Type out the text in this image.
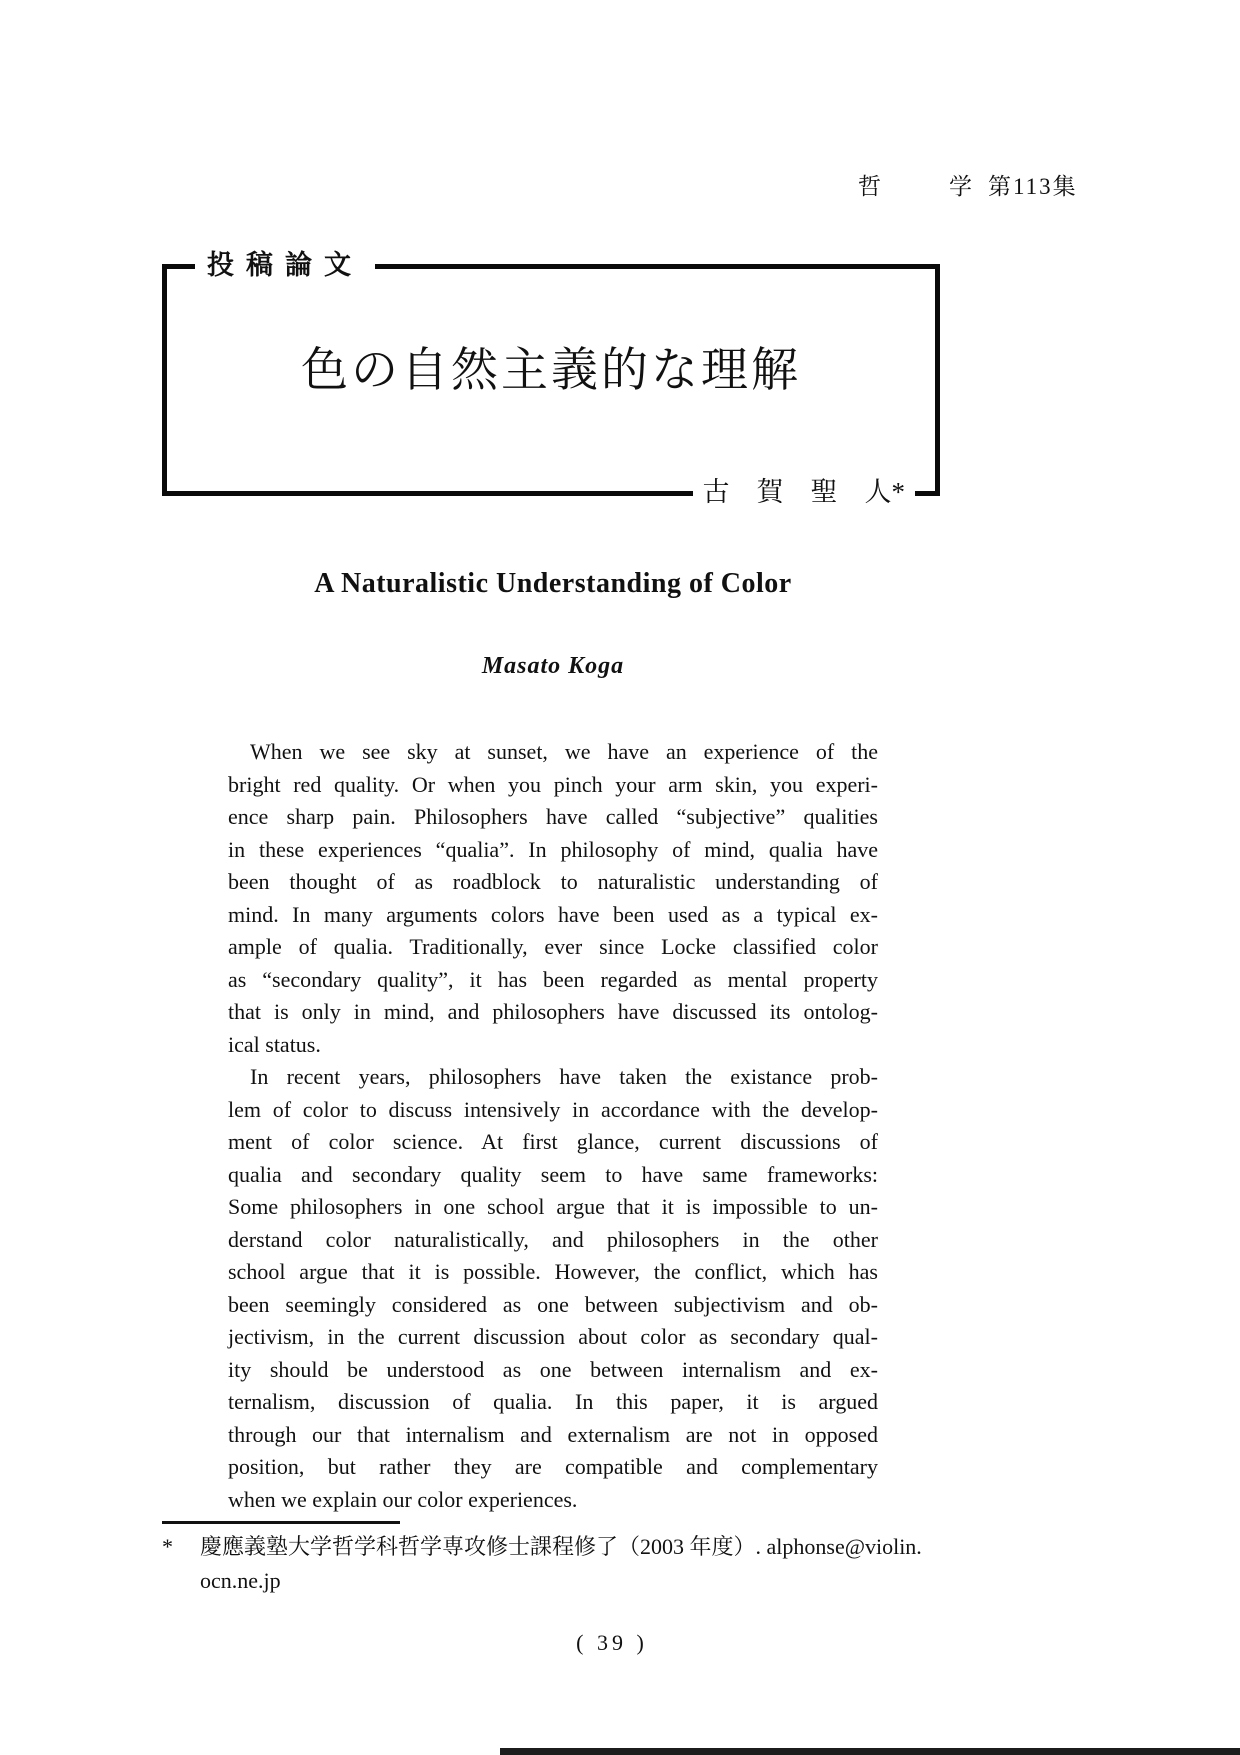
哲	学 第113集
投稿論文
色の自然主義的な理解
古　賀　聖　人*
A Naturalistic Understanding of Color
Masato Koga
When we see sky at sunset, we have an experience of the
bright red quality. Or when you pinch your arm skin, you experi-
ence sharp pain. Philosophers have called “subjective” qualities
in these experiences “qualia”. In philosophy of mind, qualia have
been thought of as roadblock to naturalistic understanding of
mind. In many arguments colors have been used as a typical ex-
ample of qualia. Traditionally, ever since Locke classified color
as “secondary quality”, it has been regarded as mental property
that is only in mind, and philosophers have discussed its ontolog-
ical status.
In recent years, philosophers have taken the existance prob-
lem of color to discuss intensively in accordance with the develop-
ment of color science. At first glance, current discussions of
qualia and secondary quality seem to have same frameworks:
Some philosophers in one school argue that it is impossible to un-
derstand color naturalistically, and philosophers in the other
school argue that it is possible. However, the conflict, which has
been seemingly considered as one between subjectivism and ob-
jectivism, in the current discussion about color as secondary qual-
ity should be understood as one between internalism and ex-
ternalism, discussion of qualia. In this paper, it is argued
through our that internalism and externalism are not in opposed
position, but rather they are compatible and complementary
when we explain our color experiences.
*	慶應義塾大学哲学科哲学専攻修士課程修了（2003 年度）. alphonse@violin.
ocn.ne.jp
( 39 )
